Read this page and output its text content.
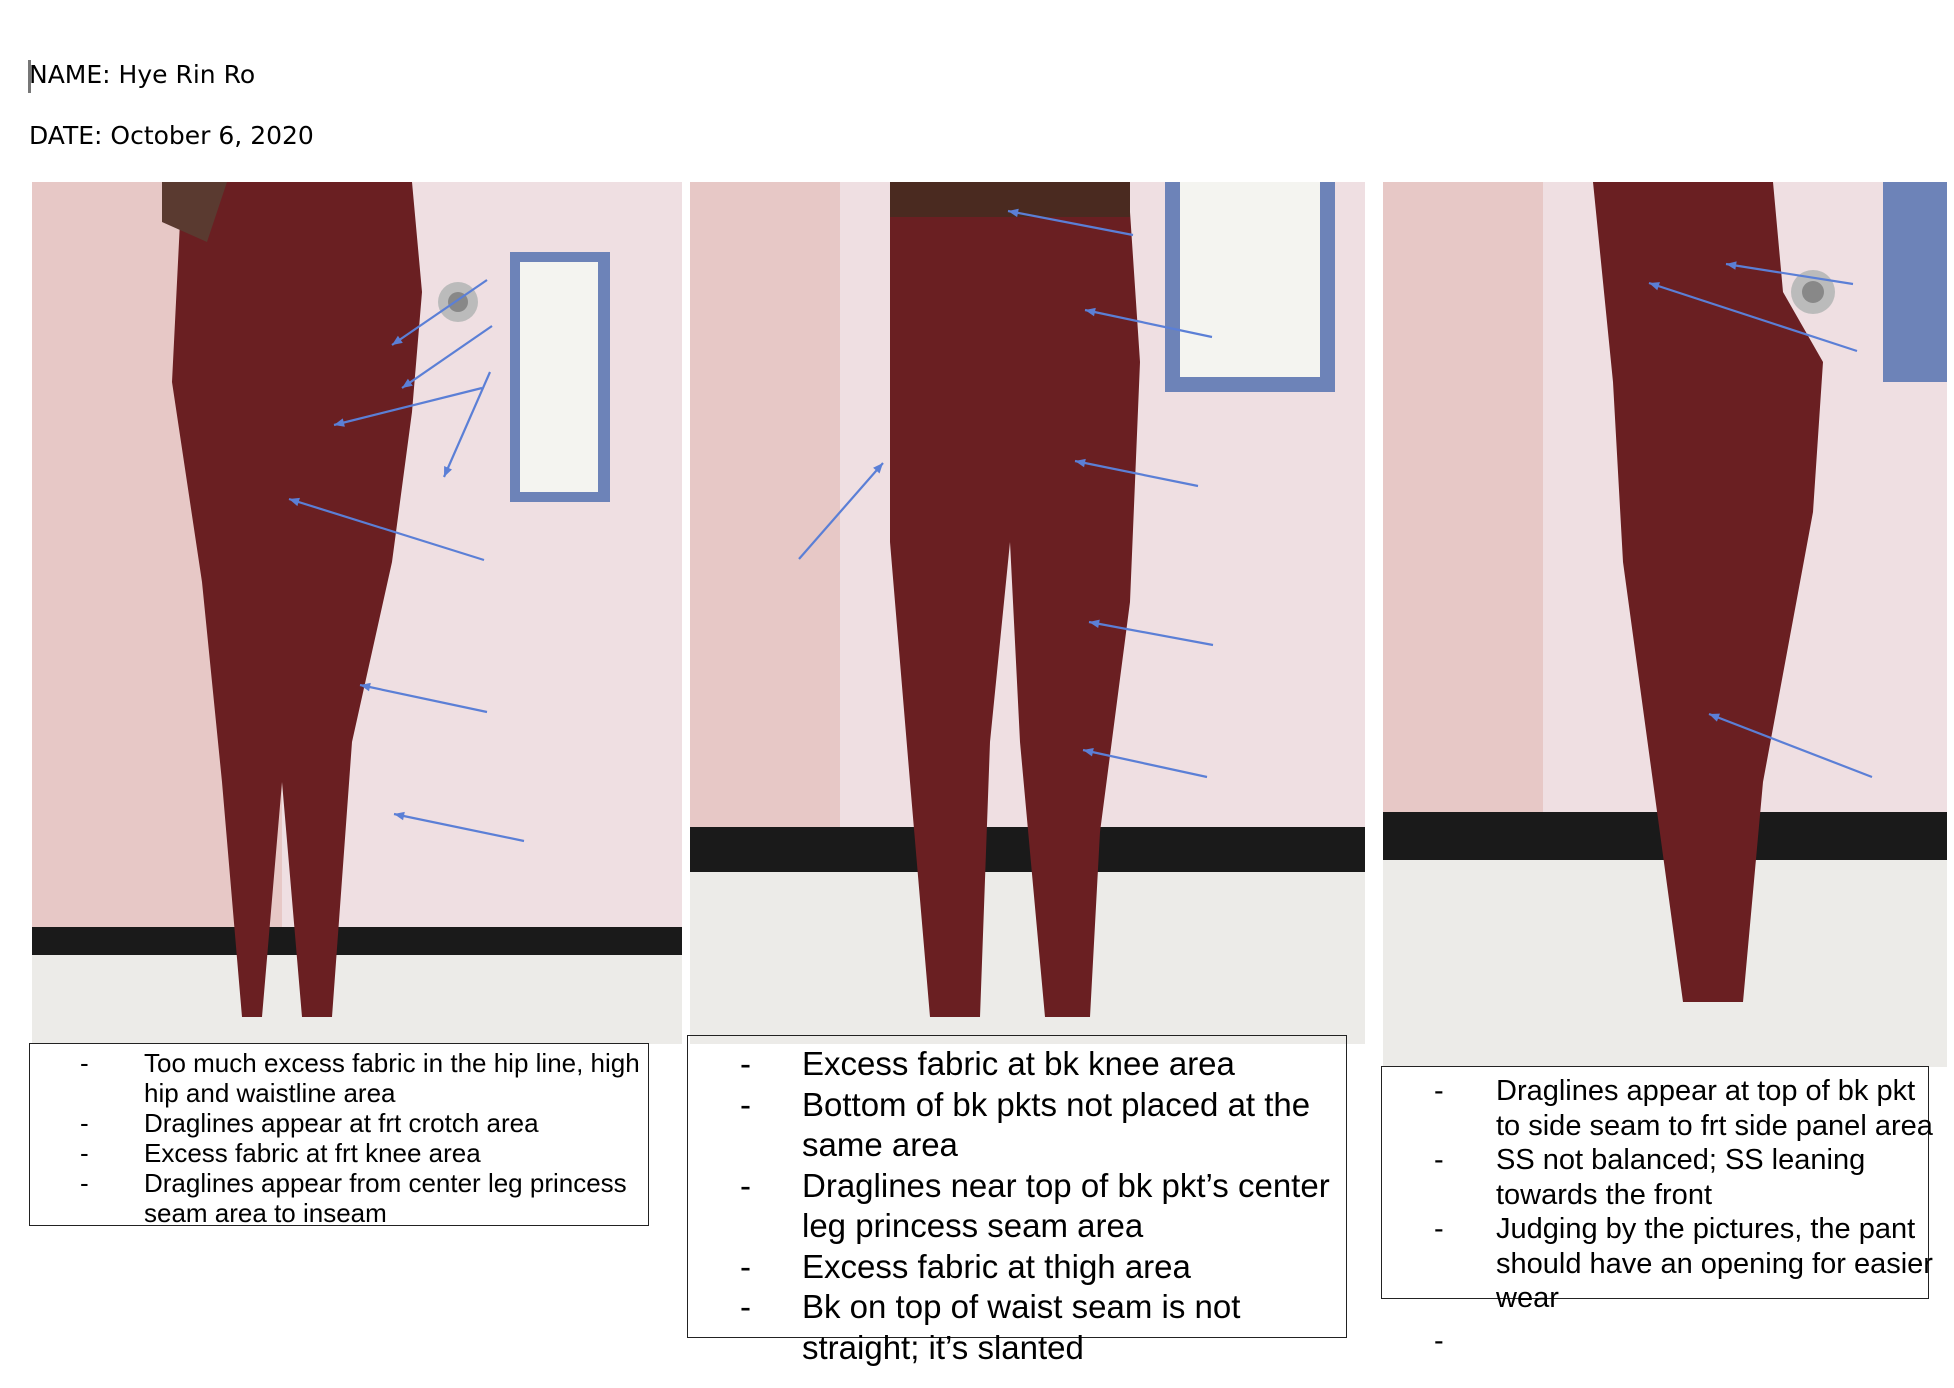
NAME: Hye Rin Ro
DATE: October 6, 2020
- Too much excess fabric in the hip line, high hip and waistline area
- Draglines appear at frt crotch area
- Excess fabric at frt knee area
- Draglines appear from center leg princess seam area to inseam
- Excess fabric at bk knee area
- Bottom of bk pkts not placed at the same area
- Draglines near top of bk pkt’s center leg princess seam area
- Excess fabric at thigh area
- Bk on top of waist seam is not straight; it’s slanted
- Draglines appear at top of bk pkt to side seam to frt side panel area
- SS not balanced; SS leaning towards the front
- Judging by the pictures, the pant should have an opening for easier wear
-
